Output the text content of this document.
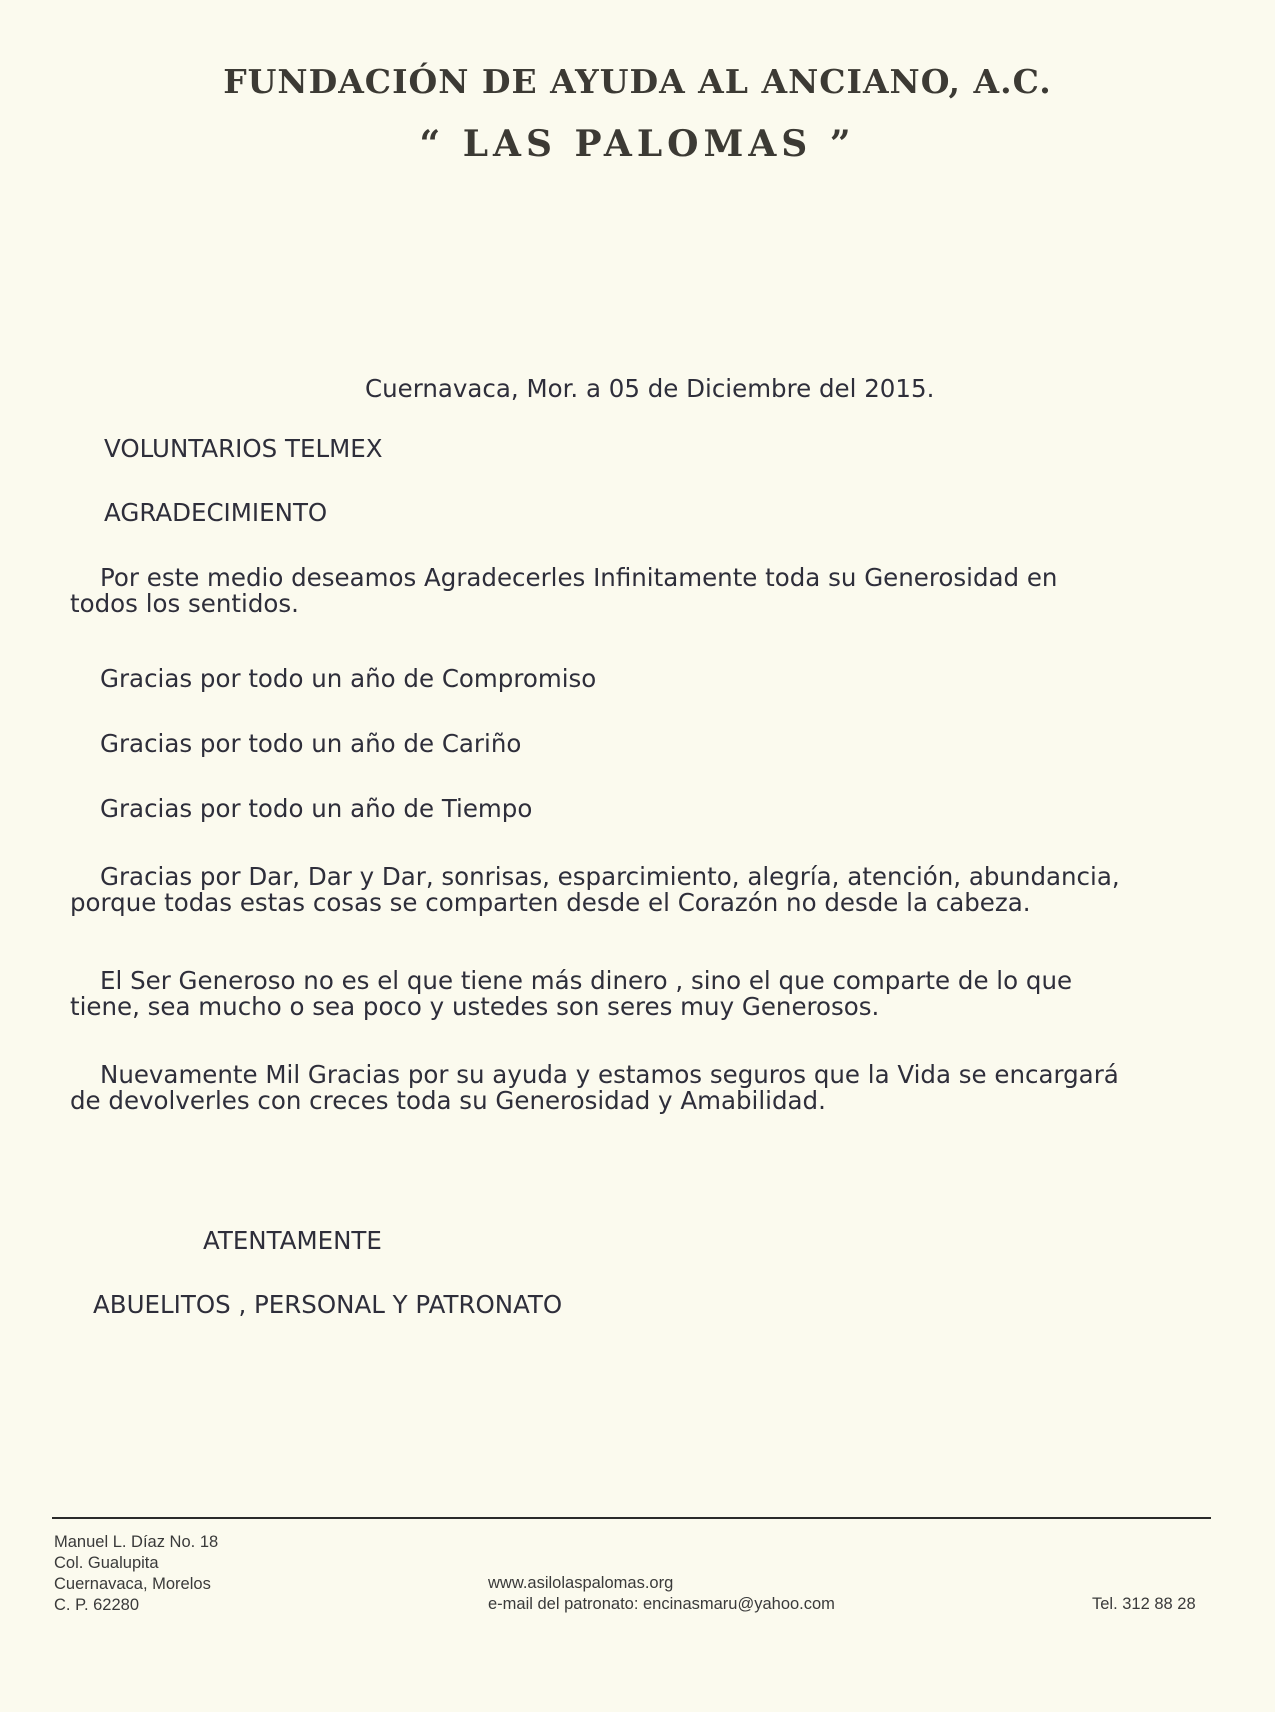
FUNDACIÓN DE AYUDA AL ANCIANO, A.C.
“ LAS PALOMAS ”
Cuernavaca, Mor. a 05 de Diciembre del 2015.
VOLUNTARIOS TELMEX
AGRADECIMIENTO
Por este medio deseamos Agradecerles Infinitamente toda su Generosidad en todos los sentidos.
Gracias por todo un año de Compromiso
Gracias por todo un año de Cariño
Gracias por todo un año de Tiempo
Gracias por Dar, Dar y Dar, sonrisas, esparcimiento, alegría, atención, abundancia, porque todas estas cosas se comparten desde el Corazón no desde la cabeza.
El Ser Generoso no es el que tiene más dinero , sino el que comparte de lo que tiene, sea mucho o sea poco y ustedes son seres muy Generosos.
Nuevamente Mil Gracias por su ayuda y estamos seguros que la Vida se encargará de devolverles con creces toda su Generosidad y Amabilidad.
ATENTAMENTE
ABUELITOS , PERSONAL Y PATRONATO
Manuel L. Díaz No. 18
Col. Gualupita
Cuernavaca, Morelos
C. P. 62280
www.asilolaspalomas.org
e-mail del patronato: encinasmaru@yahoo.com	Tel. 312 88 28
